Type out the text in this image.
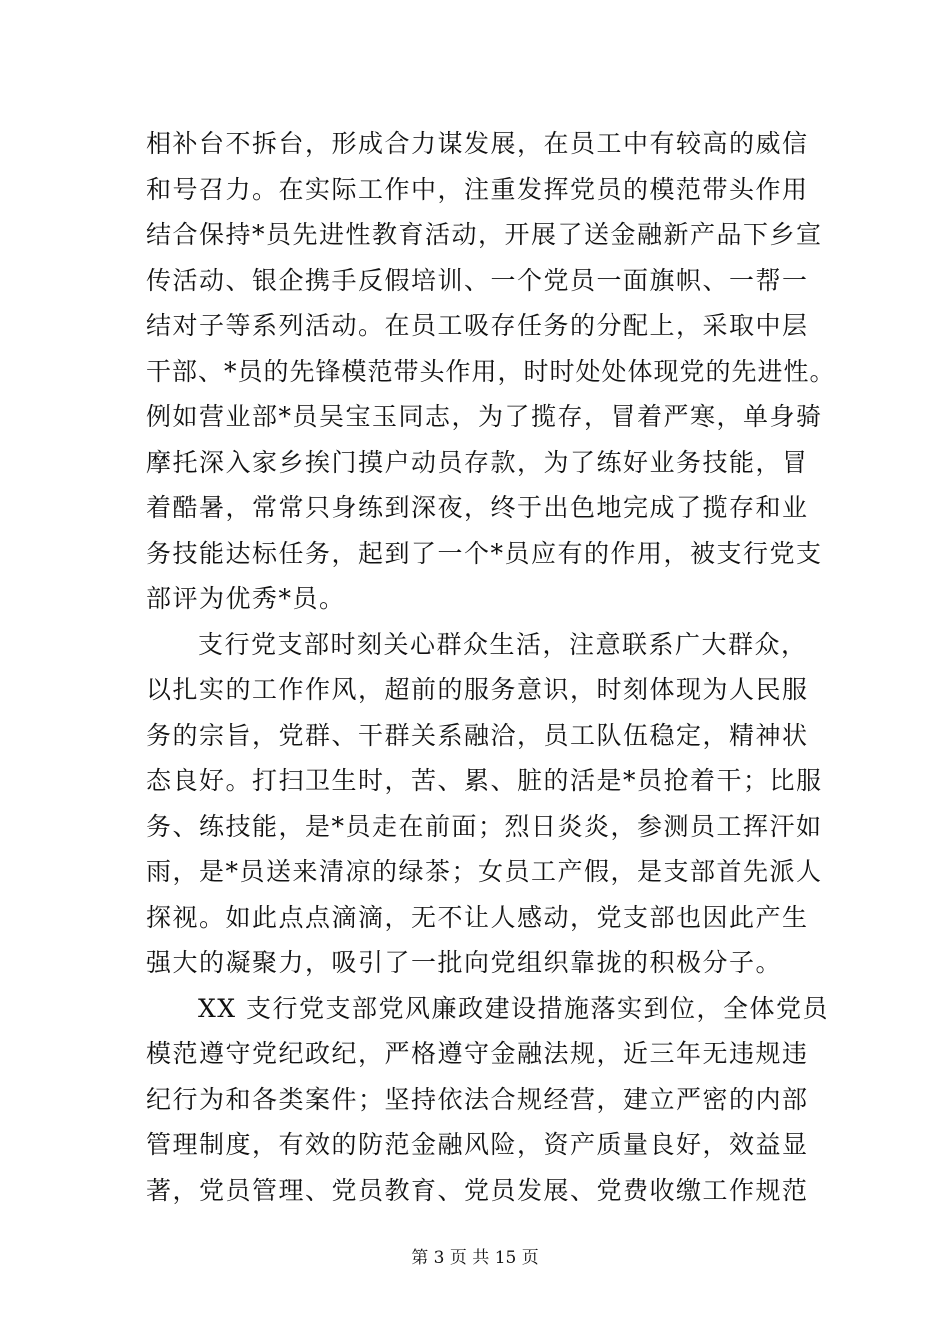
相补台不拆台，形成合力谋发展，在员工中有较高的威信
和号召力。在实际工作中，注重发挥党员的模范带头作用
结合保持*员先进性教育活动，开展了送金融新产品下乡宣
传活动、银企携手反假培训、一个党员一面旗帜、一帮一
结对子等系列活动。在员工吸存任务的分配上，采取中层
干部、*员的先锋模范带头作用，时时处处体现党的先进性。
例如营业部*员吴宝玉同志，为了揽存，冒着严寒，单身骑
摩托深入家乡挨门摸户动员存款，为了练好业务技能，冒
着酷暑，常常只身练到深夜，终于出色地完成了揽存和业
务技能达标任务，起到了一个*员应有的作用，被支行党支
部评为优秀*员。
支行党支部时刻关心群众生活，注意联系广大群众，
以扎实的工作作风，超前的服务意识，时刻体现为人民服
务的宗旨，党群、干群关系融洽，员工队伍稳定，精神状
态良好。打扫卫生时，苦、累、脏的活是*员抢着干；比服
务、练技能，是*员走在前面；烈日炎炎，参测员工挥汗如
雨，是*员送来清凉的绿茶；女员工产假，是支部首先派人
探视。如此点点滴滴，无不让人感动，党支部也因此产生
强大的凝聚力，吸引了一批向党组织靠拢的积极分子。
XX 支行党支部党风廉政建设措施落实到位，全体党员
模范遵守党纪政纪，严格遵守金融法规，近三年无违规违
纪行为和各类案件；坚持依法合规经营，建立严密的内部
管理制度，有效的防范金融风险，资产质量良好，效益显
著，党员管理、党员教育、党员发展、党费收缴工作规范
第 3 页 共 15 页
